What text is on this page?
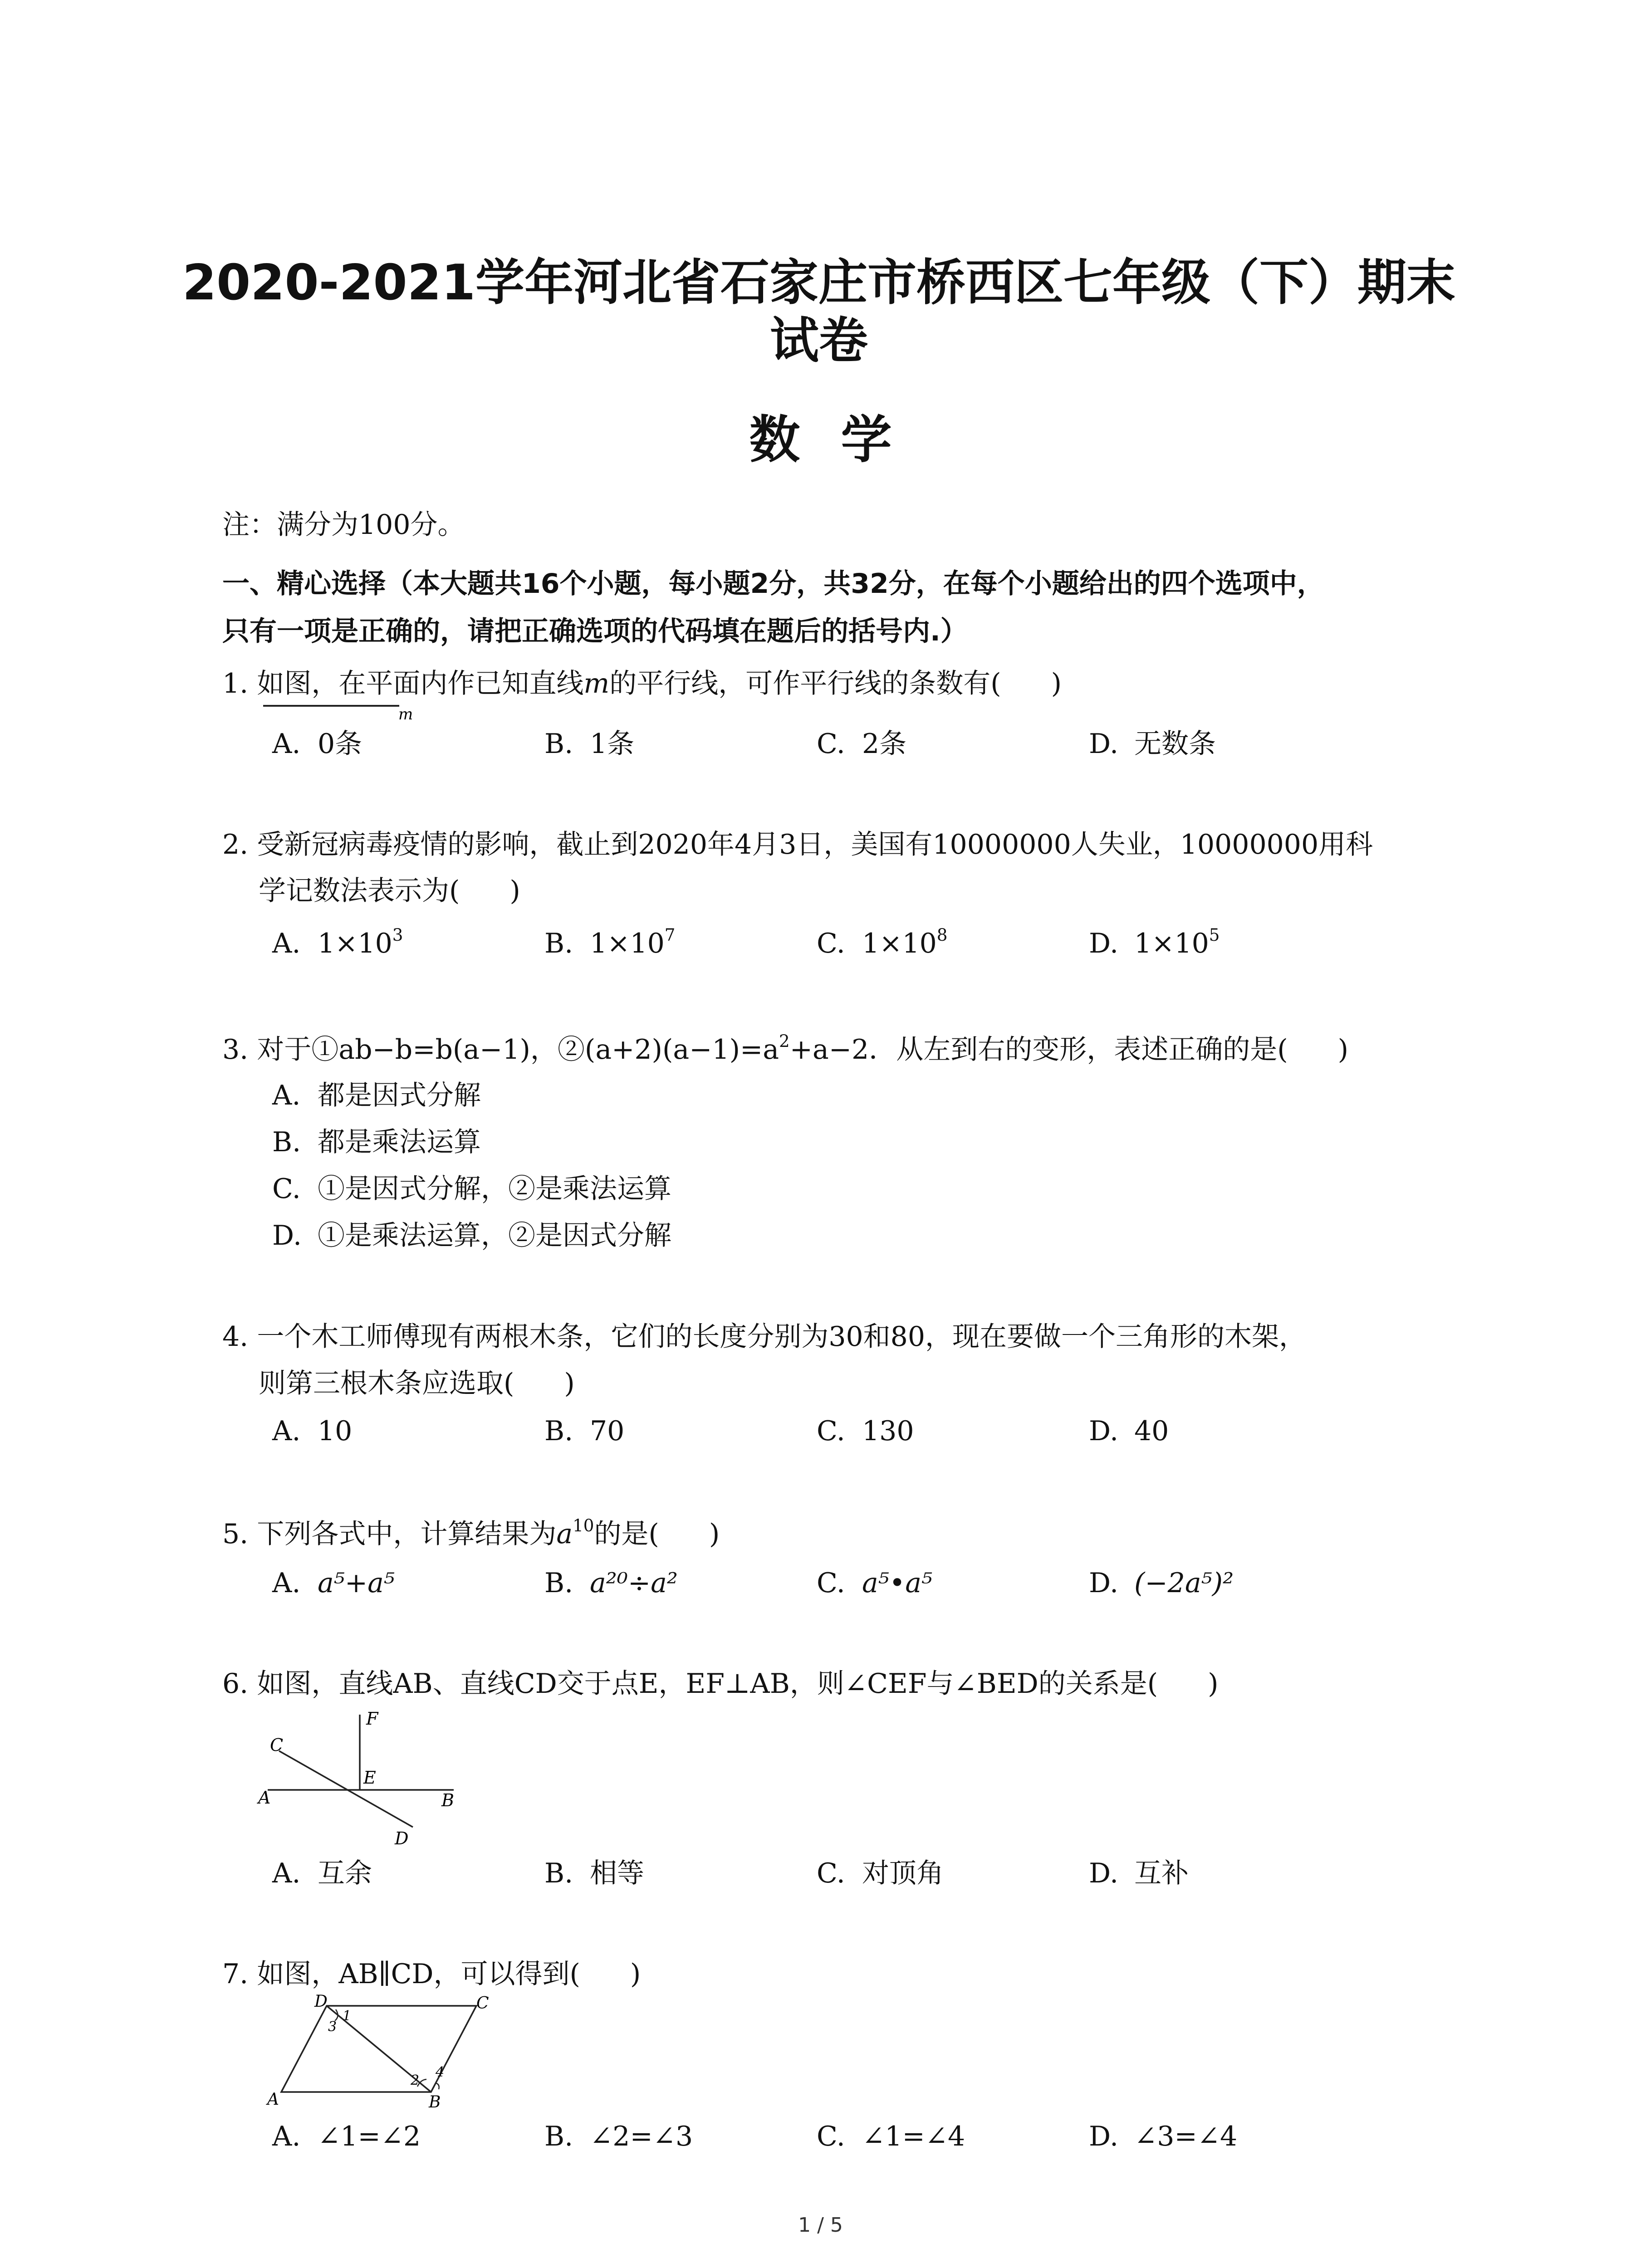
2020-2021学年河北省石家庄市桥西区七年级（下）期末试卷
数学
注：满分为100分。
一、精心选择（本大题共16个小题，每小题2分，共32分，在每个小题给出的四个选项中，
只有一项是正确的，请把正确选项的代码填在题后的括号内.）
1. 如图，在平面内作已知直线m的平行线，可作平行线的条数有( )
m
A. 0条	B. 1条	C. 2条	D. 无数条
2. 受新冠病毒疫情的影响，截止到2020年4月3日，美国有10000000人失业，10000000用科
学记数法表示为( )
A. $1\times 10^3$	B. $1\times 10^7$	C. $1\times 10^8$	D. $1\times 10^5$
3. 对于①ab−b=b(a−1)，$②(a+2)(a-1)=a^2+a-2$．从左到右的变形，表述正确的是( )
A. 都是因式分解
B. 都是乘法运算
C. ①是因式分解，②是乘法运算
D. ①是乘法运算，②是因式分解
4. 一个木工师傅现有两根木条，它们的长度分别为30和80，现在要做一个三角形的木架，
则第三根木条应选取( )
A. 10	B. 70	C. 130	D. 40
5. 下列各式中，计算结果为$a^{10}$的是( )
A. a⁵+a⁵	B. a²⁰÷a²	C. a⁵•a⁵	D. (−2a⁵)²
6. 如图，直线AB、直线CD交于点E，EF⊥AB，则∠CEF与∠BED的关系是( )
A	B
C
D
E
F
A. 互余	B. 相等	C. 对顶角	D. 互补
7. 如图，AB∥CD，可以得到( )
D	C
A	B
1
3
2
4
A. ∠1=∠2	B. ∠2=∠3	C. ∠1=∠4	D. ∠3=∠4
1 / 5
